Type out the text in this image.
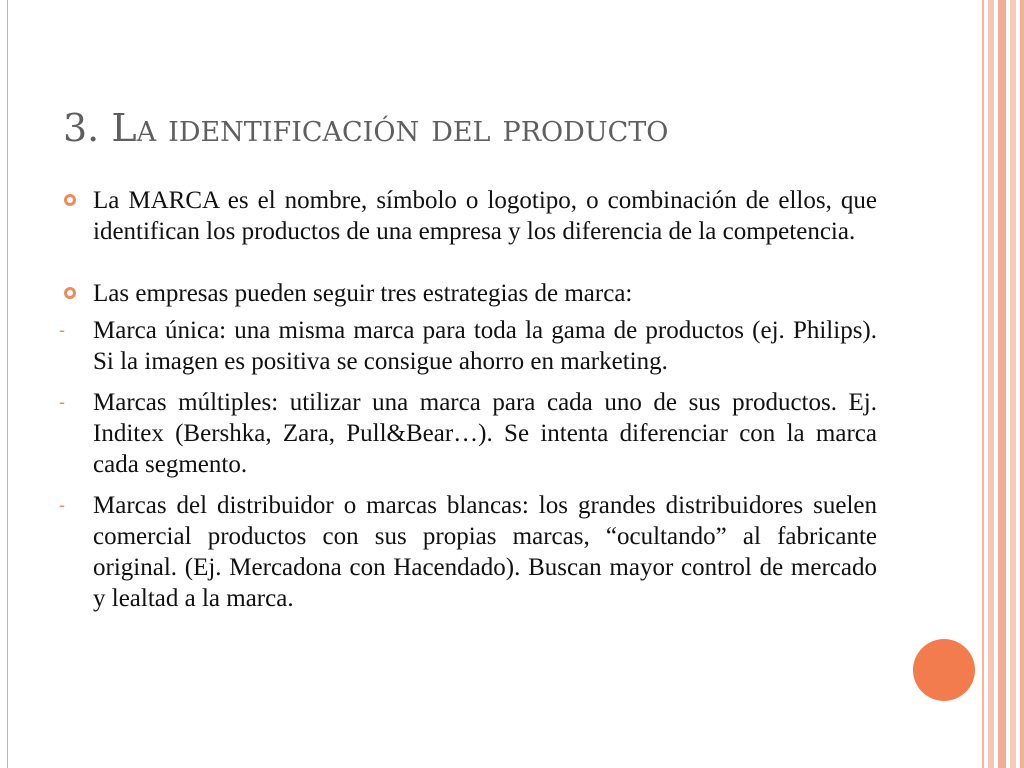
3. La identificación del producto
La MARCA es el nombre, símbolo o logotipo, o combinación de ellos, que identifican los productos de una empresa y los diferencia de la competencia.
Las empresas pueden seguir tres estrategias de marca:
- Marca única: una misma marca para toda la gama de productos (ej. Philips). Si la imagen es positiva se consigue ahorro en marketing.
- Marcas múltiples: utilizar una marca para cada uno de sus productos. Ej. Inditex (Bershka, Zara, Pull&Bear…). Se intenta diferenciar con la marca cada segmento.
- Marcas del distribuidor o marcas blancas: los grandes distribuidores suelen comercial productos con sus propias marcas, “ocultando” al fabricante original. (Ej. Mercadona con Hacendado). Buscan mayor control de mercado y lealtad a la marca.
